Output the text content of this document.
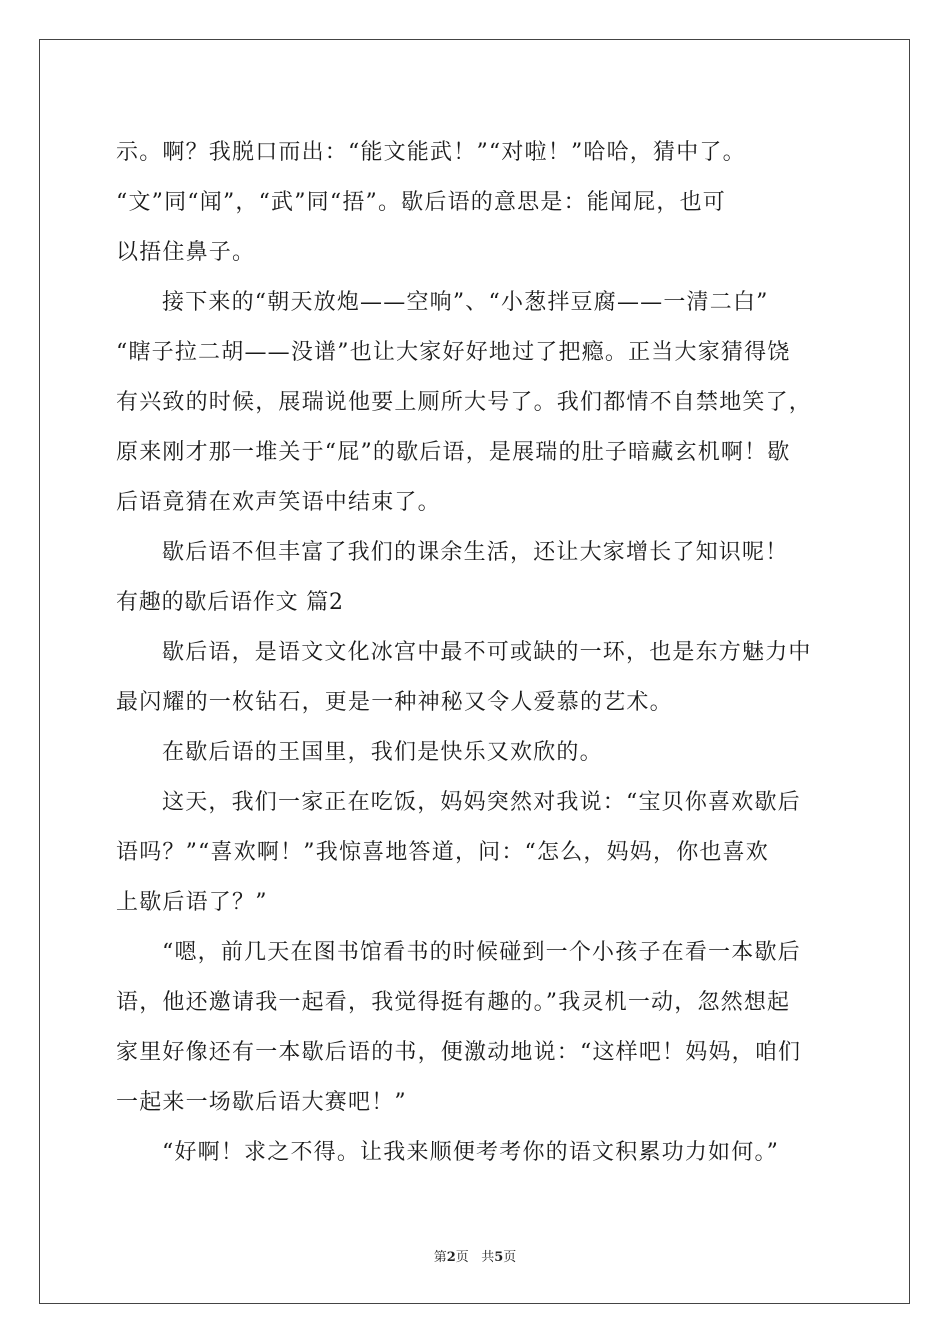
示。啊？我脱口而出：“能文能武！”“对啦！”哈哈，猜中了。
“文”同“闻”，“武”同“捂”。歇后语的意思是：能闻屁，也可
以捂住鼻子。
接下来的“朝天放炮——空响”、“小葱拌豆腐——一清二白”
“瞎子拉二胡——没谱”也让大家好好地过了把瘾。正当大家猜得饶
有兴致的时候，展瑞说他要上厕所大号了。我们都情不自禁地笑了，
原来刚才那一堆关于“屁”的歇后语，是展瑞的肚子暗藏玄机啊！歇
后语竟猜在欢声笑语中结束了。
歇后语不但丰富了我们的课余生活，还让大家增长了知识呢！
有趣的歇后语作文 篇2
歇后语，是语文文化冰宫中最不可或缺的一环，也是东方魅力中
最闪耀的一枚钻石，更是一种神秘又令人爱慕的艺术。
在歇后语的王国里，我们是快乐又欢欣的。
这天，我们一家正在吃饭，妈妈突然对我说：“宝贝你喜欢歇后
语吗？”“喜欢啊！”我惊喜地答道，问：“怎么，妈妈，你也喜欢
上歇后语了？”
“嗯，前几天在图书馆看书的时候碰到一个小孩子在看一本歇后
语，他还邀请我一起看，我觉得挺有趣的。”我灵机一动，忽然想起
家里好像还有一本歇后语的书，便激动地说：“这样吧！妈妈，咱们
一起来一场歇后语大赛吧！”
“好啊！求之不得。让我来顺便考考你的语文积累功力如何。”
第2页 共5页
